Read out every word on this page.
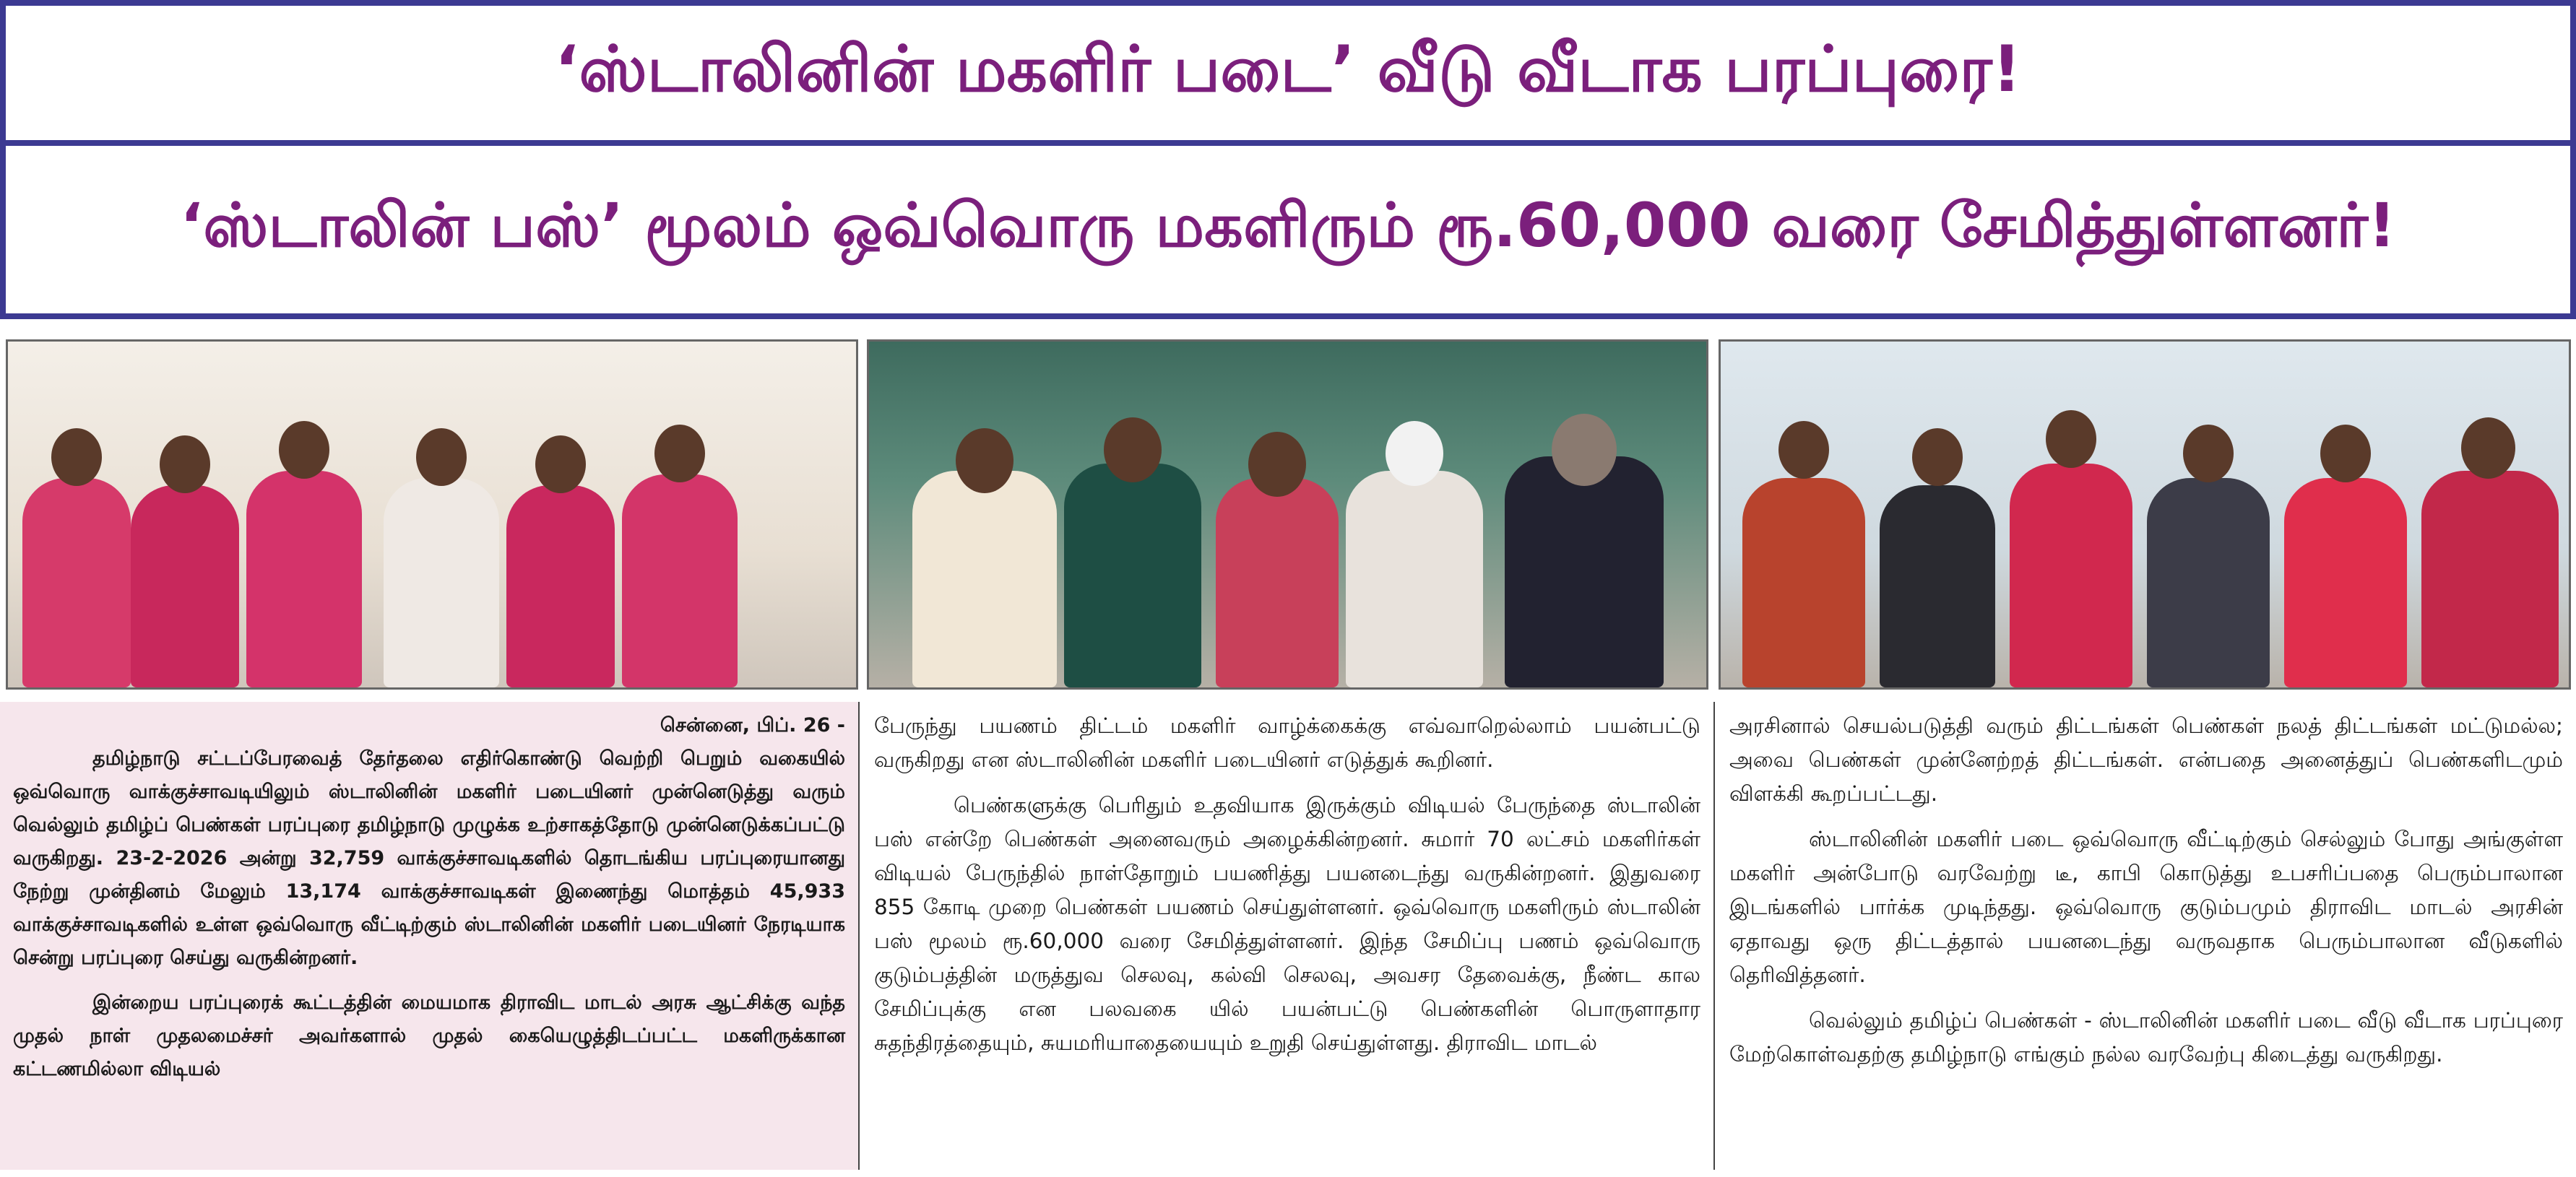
‘ஸ்டாலினின் மகளிர் படை’ வீடு வீடாக பரப்புரை!
‘ஸ்டாலின் பஸ்’ மூலம் ஒவ்வொரு மகளிரும் ரூ.60,000 வரை சேமித்துள்ளனர்!

சென்னை, பிப். 26 -

தமிழ்நாடு சட்டப்பேரவைத் தேர்தலை எதிர்கொண்டு வெற்றி பெறும் வகையில் ஒவ்வொரு வாக்குச்சாவடியிலும் ஸ்டாலினின் மகளிர் படையினர் முன்னெடுத்து வரும் வெல்லும் தமிழ்ப் பெண்கள் பரப்புரை தமிழ்நாடு முழுக்க உற்சாகத்தோடு முன்னெடுக்கப்பட்டு வருகிறது. 23-2-2026 அன்று 32,759 வாக்குச்சாவடிகளில் தொடங்கிய பரப்புரையானது நேற்று முன்தினம் மேலும் 13,174 வாக்குச்சாவடிகள் இணைந்து மொத்தம் 45,933 வாக்குச்சாவடிகளில் உள்ள ஒவ்வொரு வீட்டிற்கும் ஸ்டாலினின் மகளிர் படையினர் நேரடியாக சென்று பரப்புரை செய்து வருகின்றனர்.

இன்றைய பரப்புரைக் கூட்டத்தின் மையமாக திராவிட மாடல் அரசு ஆட்சிக்கு வந்த முதல் நாள் முதலமைச்சர் அவர்களால் முதல் கையெழுத்திடப்பட்ட மகளிருக்கான கட்டணமில்லா விடியல்

பேருந்து பயணம் திட்டம் மகளிர் வாழ்க்கைக்கு எவ்வாறெல்லாம் பயன்பட்டு வருகிறது என ஸ்டாலினின் மகளிர் படையினர் எடுத்துக் கூறினர்.

பெண்களுக்கு பெரிதும் உதவியாக இருக்கும் விடியல் பேருந்தை ஸ்டாலின் பஸ் என்றே பெண்கள் அனைவரும் அழைக்கின்றனர். சுமார் 70 லட்சம் மகளிர்கள் விடியல் பேருந்தில் நாள்தோறும் பயணித்து பயனடைந்து வருகின்றனர். இதுவரை 855 கோடி முறை பெண்கள் பயணம் செய்துள்ளனர். ஒவ்வொரு மகளிரும் ஸ்டாலின் பஸ் மூலம் ரூ.60,000 வரை சேமித்துள்ளனர். இந்த சேமிப்பு பணம் ஒவ்வொரு குடும்பத்தின் மருத்துவ செலவு, கல்வி செலவு, அவசர தேவைக்கு, நீண்ட கால சேமிப்புக்கு என பலவகை யில் பயன்பட்டு பெண்களின் பொருளாதார சுதந்திரத்தையும், சுயமரியாதையையும் உறுதி செய்துள்ளது. திராவிட மாடல்

அரசினால் செயல்படுத்தி வரும் திட்டங்கள் பெண்கள் நலத் திட்டங்கள் மட்டுமல்ல; அவை பெண்கள் முன்னேற்றத் திட்டங்கள். என்பதை அனைத்துப் பெண்களிடமும் விளக்கி கூறப்பட்டது.

ஸ்டாலினின் மகளிர் படை ஒவ்வொரு வீட்டிற்கும் செல்லும் போது அங்குள்ள மகளிர் அன்போடு வரவேற்று டீ, காபி கொடுத்து உபசரிப்பதை பெரும்பாலான இடங்களில் பார்க்க முடிந்தது. ஒவ்வொரு குடும்பமும் திராவிட மாடல் அரசின் ஏதாவது ஒரு திட்டத்தால் பயனடைந்து வருவதாக பெரும்பாலான வீடுகளில் தெரிவித்தனர்.

வெல்லும் தமிழ்ப் பெண்கள் - ஸ்டாலினின் மகளிர் படை வீடு வீடாக பரப்புரை மேற்கொள்வதற்கு தமிழ்நாடு எங்கும் நல்ல வரவேற்பு கிடைத்து வருகிறது.
